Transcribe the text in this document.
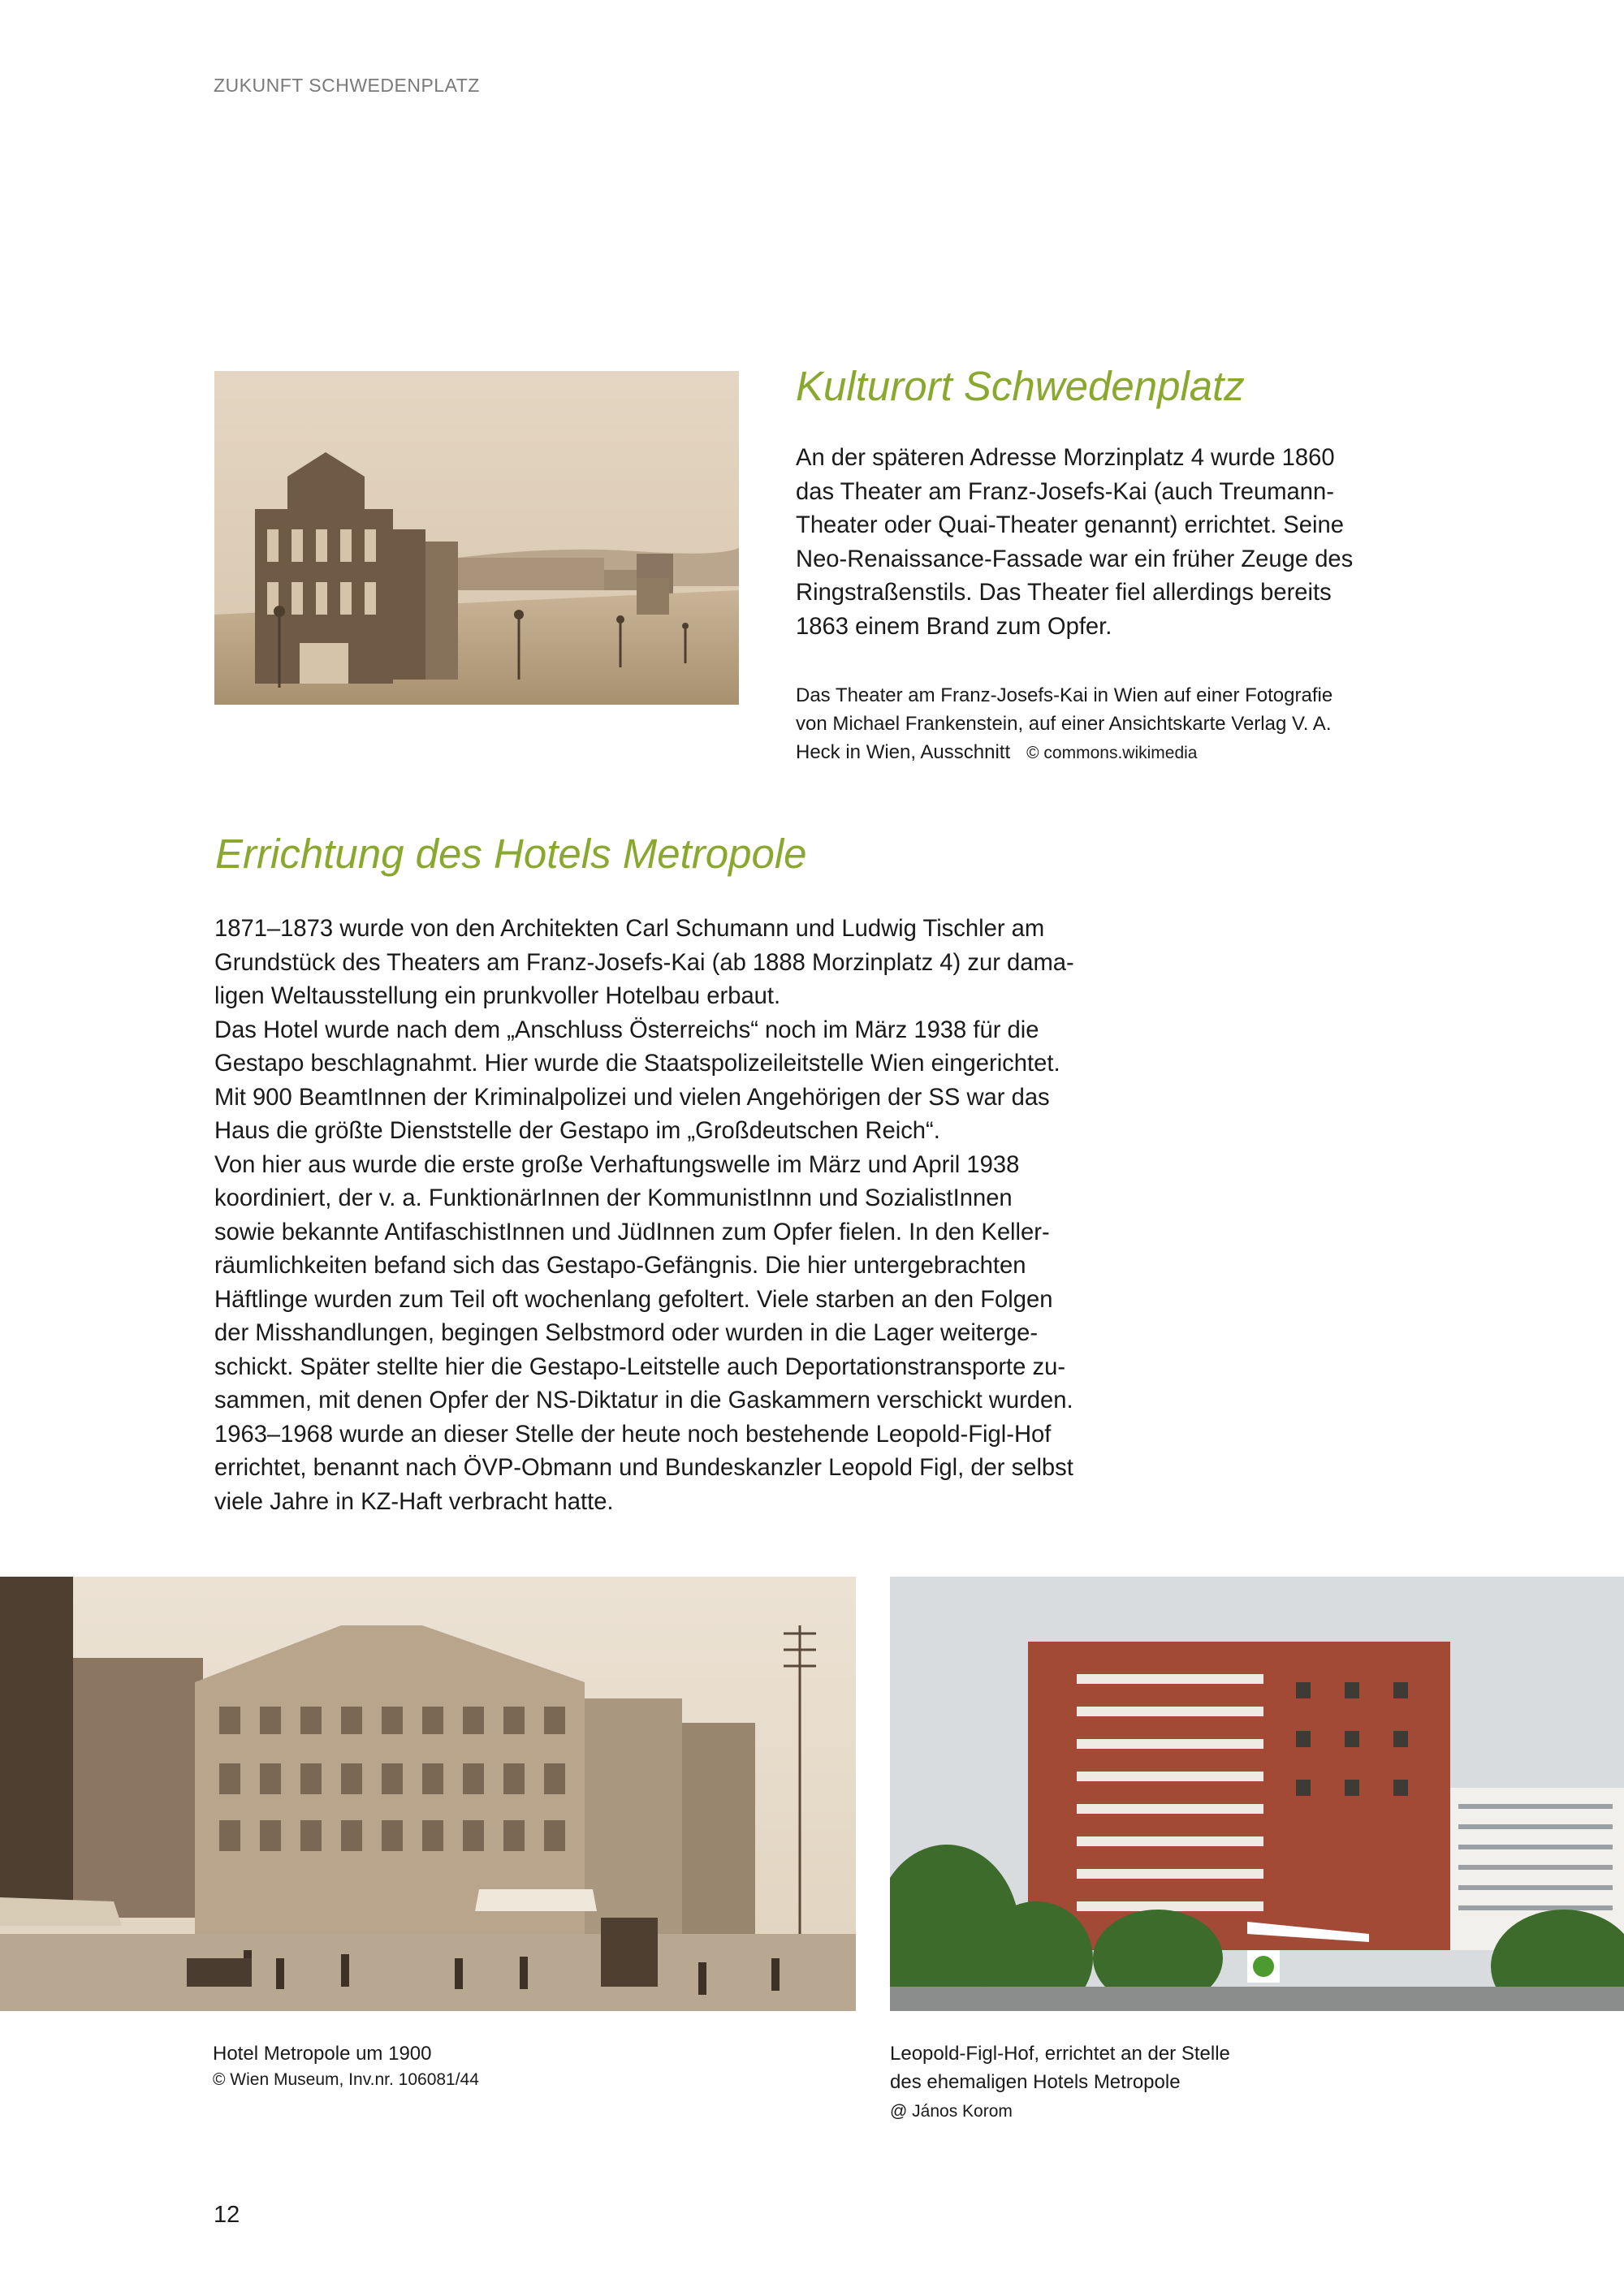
ZUKUNFT SCHWEDENPLATZ
Kulturort Schwedenplatz

An der späteren Adresse Morzinplatz 4 wurde 1860

das Theater am Franz-Josefs-Kai (auch Treumann-

Theater oder Quai-Theater genannt) errichtet. Seine

Neo-Renaissance-Fassade war ein früher Zeuge des

Ringstraßenstils. Das Theater fiel allerdings bereits

1863 einem Brand zum Opfer.

Das Theater am Franz-Josefs-Kai in Wien auf einer Fotografie

von Michael Frankenstein, auf einer Ansichtskarte Verlag V. A.

Heck in Wien, Ausschnitt © commons.wikimedia

Errichtung des Hotels Metropole

1871–1873 wurde von den Architekten Carl Schumann und Ludwig Tischler am

Grundstück des Theaters am Franz-Josefs-Kai (ab 1888 Morzinplatz 4) zur dama-

ligen Weltausstellung ein prunkvoller Hotelbau erbaut.

Das Hotel wurde nach dem „Anschluss Österreichs“ noch im März 1938 für die

Gestapo beschlagnahmt. Hier wurde die Staatspolizeileitstelle Wien eingerichtet.

Mit 900 BeamtInnen der Kriminalpolizei und vielen Angehörigen der SS war das

Haus die größte Dienststelle der Gestapo im „Großdeutschen Reich“.

Von hier aus wurde die erste große Verhaftungswelle im März und April 1938

koordiniert, der v. a. FunktionärInnen der KommunistInnn und SozialistInnen

sowie bekannte AntifaschistInnen und JüdInnen zum Opfer fielen. In den Keller-

räumlichkeiten befand sich das Gestapo-Gefängnis. Die hier untergebrachten

Häftlinge wurden zum Teil oft wochenlang gefoltert. Viele starben an den Folgen

der Misshandlungen, begingen Selbstmord oder wurden in die Lager weiterge-

schickt. Später stellte hier die Gestapo-Leitstelle auch Deportationstransporte zu-

sammen, mit denen Opfer der NS-Diktatur in die Gaskammern verschickt wurden.

1963–1968 wurde an dieser Stelle der heute noch bestehende Leopold-Figl-Hof

errichtet, benannt nach ÖVP-Obmann und Bundeskanzler Leopold Figl, der selbst

viele Jahre in KZ-Haft verbracht hatte.

Hotel Metropole um 1900

© Wien Museum, Inv.nr. 106081/44

Leopold-Figl-Hof, errichtet an der Stelle

des ehemaligen Hotels Metropole

@ János Korom

12
